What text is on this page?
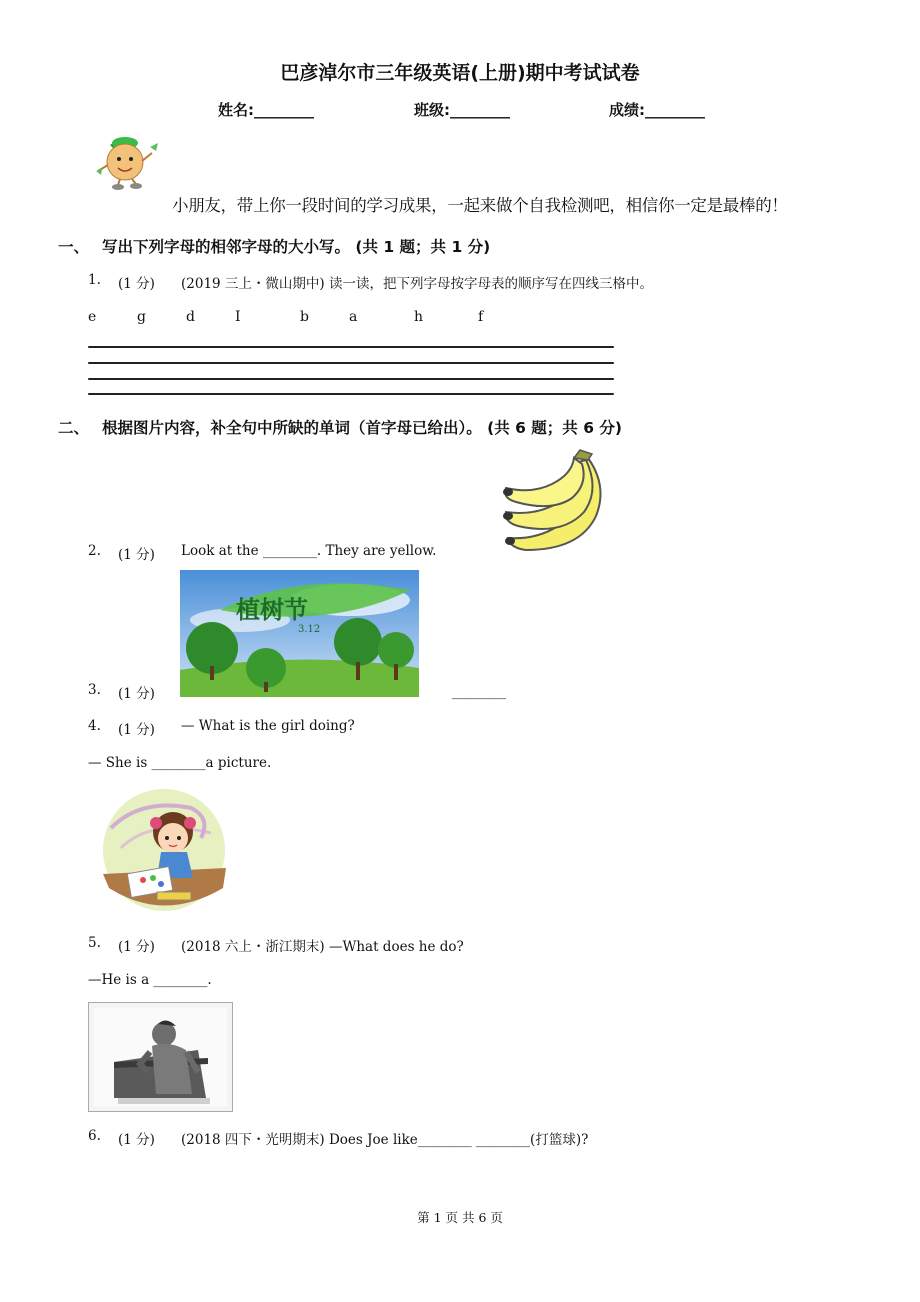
巴彦淖尔市三年级英语(上册)期中考试试卷
姓名:________	班级:________	成绩:________
小朋友，带上你一段时间的学习成果，一起来做个自我检测吧，相信你一定是最棒的！
一、 写出下列字母的相邻字母的大小写。 (共 1 题；共 1 分)
1. (1 分) (2019 三上・微山期中) 读一读，把下列字母按字母表的顺序写在四线三格中。
e	g	d	I	b	a	h	f
二、 根据图片内容，补全句中所缺的单词（首字母已给出）。 (共 6 题；共 6 分)
2. (1 分) Look at the ________. They are yellow.
植树节
3.12
3. (1 分)	________
4. (1 分) — What is the girl doing?
— She is ________a picture.
5. (1 分) (2018 六上・浙江期末) —What does he do?
—He is a ________.
6. (1 分) (2018 四下・光明期末) Does Joe like________ ________(打篮球)?
第 1 页 共 6 页
